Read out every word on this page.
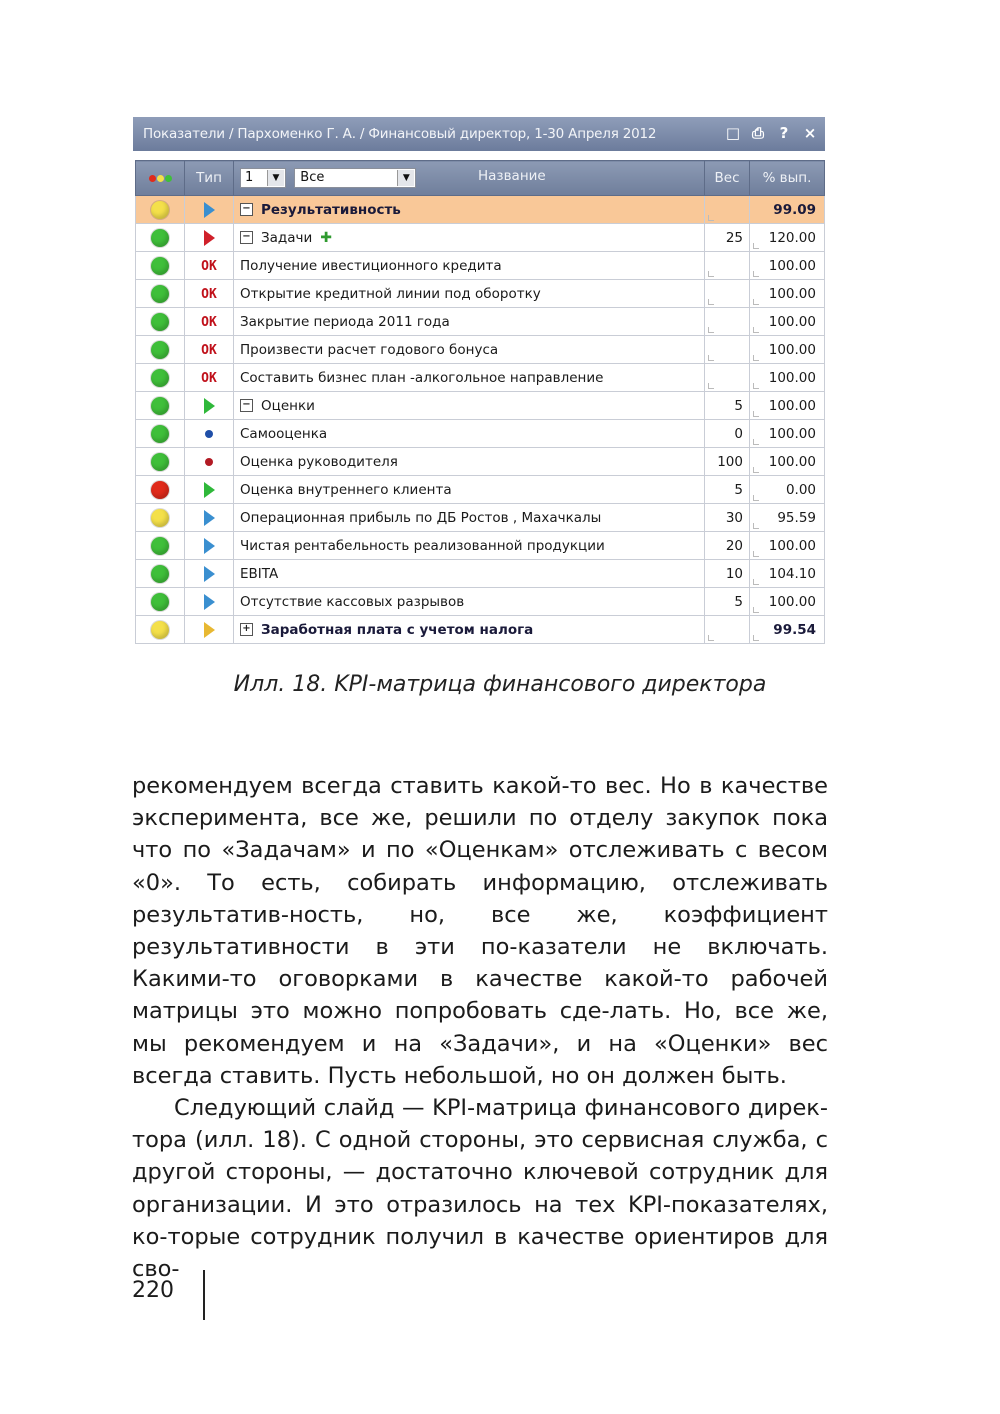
Показатели / Пархоменко Г. А. / Финансовый директор, 1-30 Апреля 2012	□ ⎙	?	×
	Тип	1 ▼ Все ▼ Название	Вес	% вып.
		− Результативность		99.09
		− Задачи ✚	25	120.00

	OK	Получение ивестиционного кредита		100.00

	OK	Открытие кредитной линии под оборотку		100.00

	OK	Закрытие периода 2011 года		100.00

	OK	Произвести расчет годового бонуса		100.00

	OK	Составить бизнес план -алкогольное направление		100.00

		− Оценки	5	100.00

		Самооценка	0	100.00

		Оценка руководителя	100	100.00

		Оценка внутреннего клиента	5	0.00

		Операционная прибыль по ДБ Ростов , Махачкалы	30	95.59

		Чистая рентабельность реализованной продукции	20	100.00

		EBITA	10	104.10

		Отсутствие кассовых разрывов	5	100.00

		+ Заработная плата с учетом налога		99.54
Илл. 18. KPI-матрица финансового директора

рекомендуем всегда ставить какой-то вес. Но в качестве эксперимента, все же, решили по отделу закупок пока что по «Задачам» и по «Оценкам» отслеживать с весом «0». То есть, собирать информацию, отслеживать результатив-ность, но, все же, коэффициент результативности в эти по-казатели не включать. Какими-то оговорками в качестве какой-то рабочей матрицы это можно попробовать сде-лать. Но, все же, мы рекомендуем и на «Задачи», и на «Оценки» вес всегда ставить. Пусть небольшой, но он должен быть.

Следующий слайд — KPI-матрица финансового дирек-тора (илл. 18). С одной стороны, это сервисная служба, с другой стороны, — достаточно ключевой сотрудник для организации. И это отразилось на тех KPI-показателях, ко-торые сотрудник получил в качестве ориентиров для сво-

220
